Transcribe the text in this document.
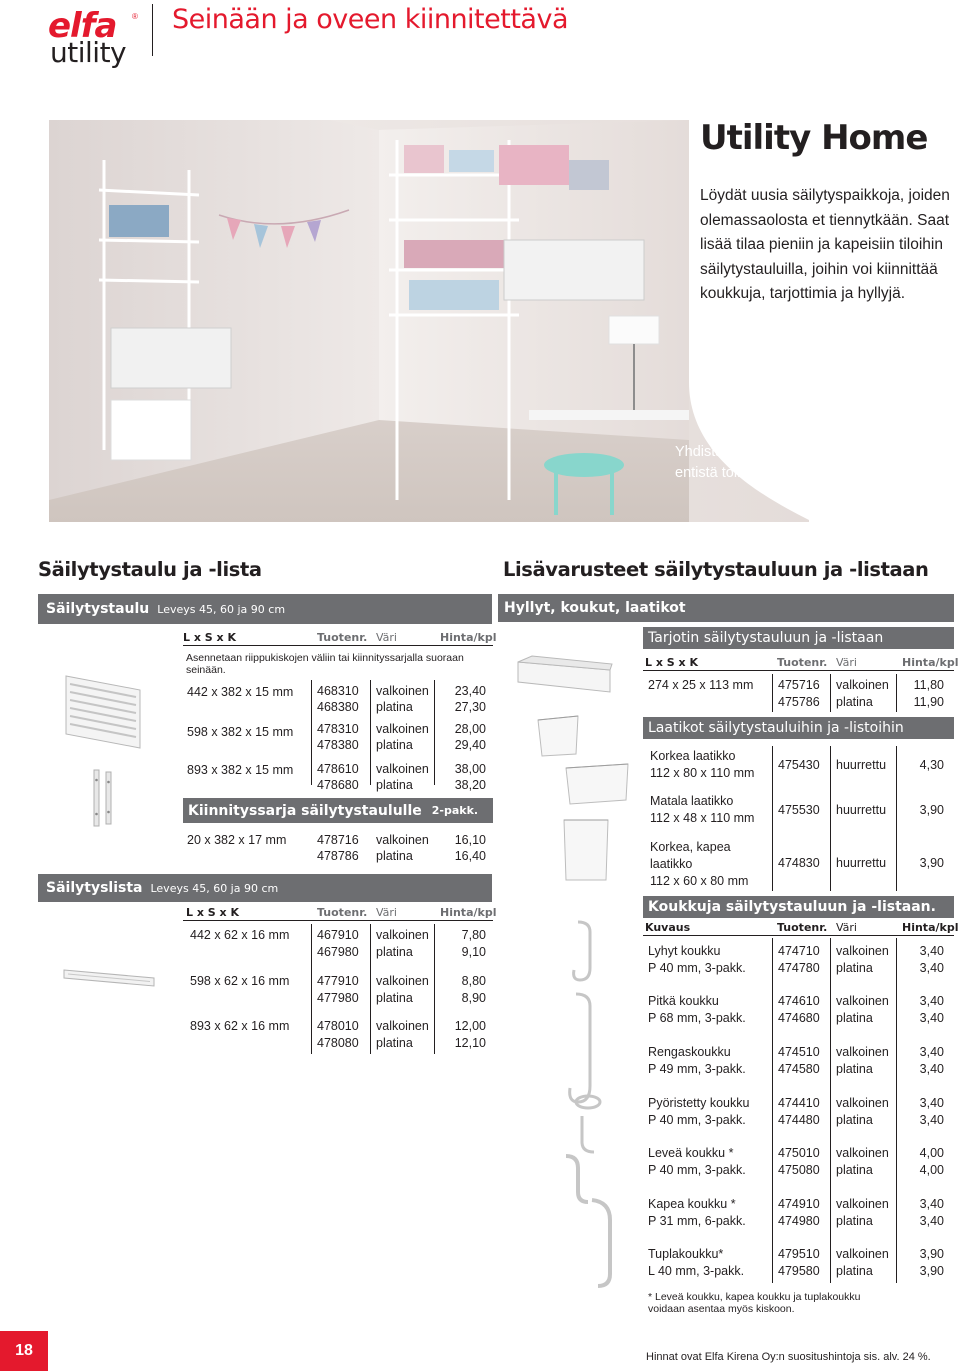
elfa ®
utility
Seinään ja oveen kiinnitettävä
Yhdistämällä Classicin kanssa saat entistä toimivamman säilytysratkaisun.
Utility Home
Löydät uusia säilytyspaikkoja, joiden olemassaolosta et tiennytkään. Saat lisää tilaa pieniin ja kapeisiin tiloihin säilytystauluilla, joihin voi kiinnittää koukkuja, tarjottimia ja hyllyjä.
Säilytystaulu ja -lista
Säilytystaulu Leveys 45, 60 ja 90 cm
L x S x K	Tuotenr. Väri	Hinta/kpl
Asennetaan riippukiskojen väliin tai kiinnityssarjalla suoraan seinään.
442 x 382 x 15 mm 468310 valkoinen	23,40
468380 platina	27,30
598 x 382 x 15 mm 478310 valkoinen	28,00
478380 platina	29,40
893 x 382 x 15 mm 478610 valkoinen	38,00
478680 platina	38,20
Kiinnityssarja säilytystaululle 2-pakk.
20 x 382 x 17 mm 478716 valkoinen	16,10
478786 platina	16,40
Säilytyslista Leveys 45, 60 ja 90 cm
L x S x K	Tuotenr. Väri	Hinta/kpl
442 x 62 x 16 mm 467910 valkoinen	7,80
467980 platina	9,10
598 x 62 x 16 mm 477910 valkoinen	8,80
477980 platina	8,90
893 x 62 x 16 mm 478010 valkoinen	12,00
478080 platina	12,10
Lisävarusteet säilytystauluun ja -listaan
Hyllyt, koukut, laatikot
Tarjotin säilytystauluun ja -listaan
L x S x K	Tuotenr. Väri	Hinta/kpl
274 x 25 x 113 mm 475716 valkoinen	11,80
475786 platina	11,90
Laatikot säilytystauluihin ja -listoihin
Korkea laatikko
112 x 80 x 110 mm
475430 huurrettu	4,30
Matala laatikko
112 x 48 x 110 mm
475530 huurrettu	3,90
Korkea, kapea
laatikko
112 x 60 x 80 mm
474830 huurrettu	3,90
Koukkuja säilytystauluun ja -listaan.
Kuvaus	Tuotenr. Väri	Hinta/kpl
Lyhyt koukku
P 40 mm, 3-pakk.
474710 valkoinen	3,40
474780 platina	3,40
Pitkä koukku
P 68 mm, 3-pakk.
474610 valkoinen	3,40
474680 platina	3,40
Rengaskoukku
P 49 mm, 3-pakk.
474510 valkoinen	3,40
474580 platina	3,40
Pyöristetty koukku
P 40 mm, 3-pakk.
474410 valkoinen	3,40
474480 platina	3,40
Leveä koukku *
P 40 mm, 3-pakk.
475010 valkoinen	4,00
475080 platina	4,00
Kapea koukku *
P 31 mm, 6-pakk.
474910 valkoinen	3,40
474980 platina	3,40
Tuplakoukku*
L 40 mm, 3-pakk.
479510 valkoinen	3,90
479580 platina	3,90
* Leveä koukku, kapea koukku ja tuplakoukku voidaan asentaa myös kiskoon.
18	Hinnat ovat Elfa Kirena Oy:n suositushintoja sis. alv. 24 %.
